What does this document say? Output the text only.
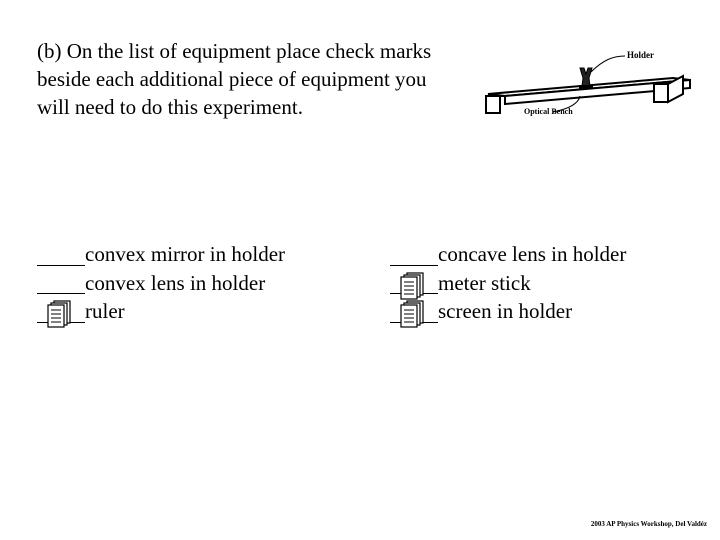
(b) On the list of equipment place check marks beside each additional piece of equipment you will need to do this experiment.

Holder
Optical Bench

convex mirror in holder

convex lens in holder

ruler

concave lens in holder

meter stick

screen in holder
2003 AP Physics Workshop, Del Valdéz
